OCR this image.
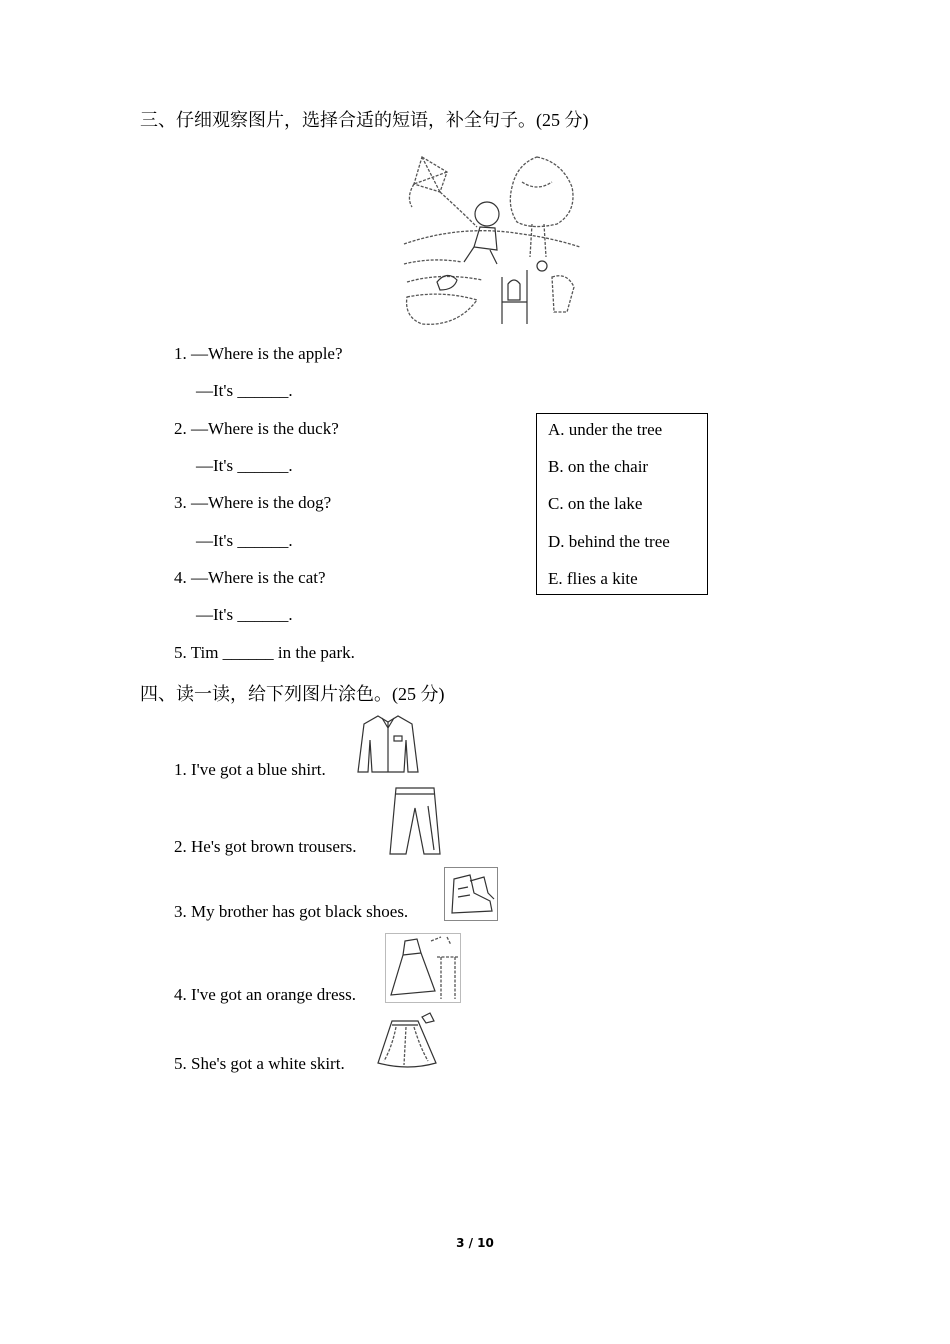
三、仔细观察图片，选择合适的短语，补全句子。(25 分)
1. —Where is the apple?
—It's ______.
2. —Where is the duck?
—It's ______.
3. —Where is the dog?
—It's ______.
4. —Where is the cat?
—It's ______.
5. Tim ______ in the park.
A. under the tree
B. on the chair
C. on the lake
D. behind the tree
E. flies a kite
四、读一读，给下列图片涂色。(25 分)
1. I've got a blue shirt.
2. He's got brown trousers.
3. My brother has got black shoes.
4. I've got an orange dress.
5. She's got a white skirt.
3 / 10
